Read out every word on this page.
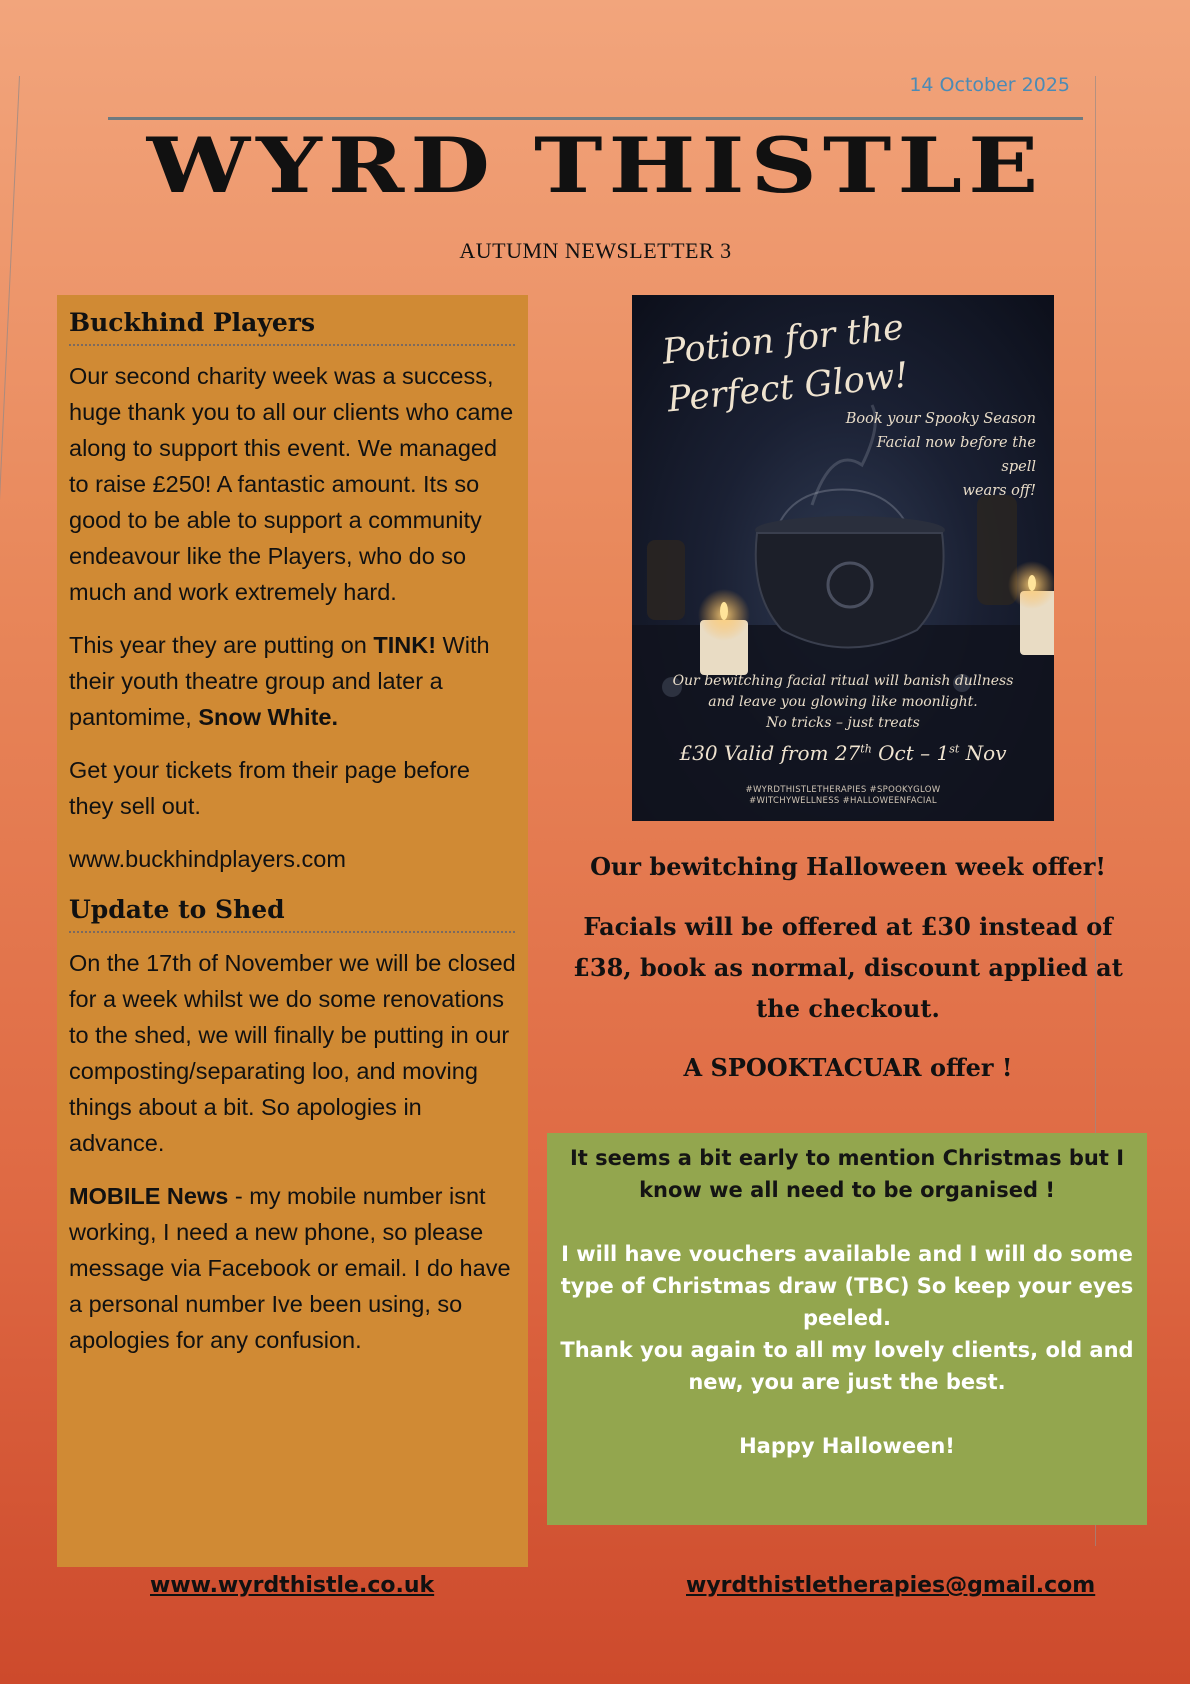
14 October 2025
WYRD THISTLE
AUTUMN NEWSLETTER 3
Buckhind Players

Our second charity week was a success, huge thank you to all our clients who came along to support this event. We managed to raise £250! A fantastic amount. Its so good to be able to support a community endeavour like the Players, who do so much and work extremely hard.

This year they are putting on TINK! With their youth theatre group and later a pantomime, Snow White.

Get your tickets from their page before they sell out.

www.buckhindplayers.com

Update to Shed

On the 17th of November we will be closed for a week whilst we do some renovations to the shed, we will finally be putting in our composting/separating loo, and moving things about a bit. So apologies in advance.

MOBILE News - my mobile number isnt working, I need a new phone, so please message via Facebook or email. I do have a personal number Ive been using, so apologies for any confusion.

Potion for the
Perfect Glow!
Book your Spooky Season
Facial now before the spell
wears off!
Our bewitching facial ritual will banish dullness
and leave you glowing like moonlight.
No tricks – just treats
£30 Valid from 27th Oct – 1st Nov
#WYRDTHISTLETHERAPIES #SPOOKYGLOW
#WITCHYWELLNESS #HALLOWEENFACIAL
Our bewitching Halloween week offer!
Facials will be offered at £30 instead of £38, book as normal, discount applied at the checkout.
A SPOOKTACUAR offer !

It seems a bit early to mention Christmas but I know we all need to be organised !

I will have vouchers available and I will do some type of Christmas draw (TBC) So keep your eyes peeled.

Thank you again to all my lovely clients, old and new, you are just the best.

Happy Halloween!

www.wyrdthistle.co.uk	wyrdthistletherapies@gmail.com
